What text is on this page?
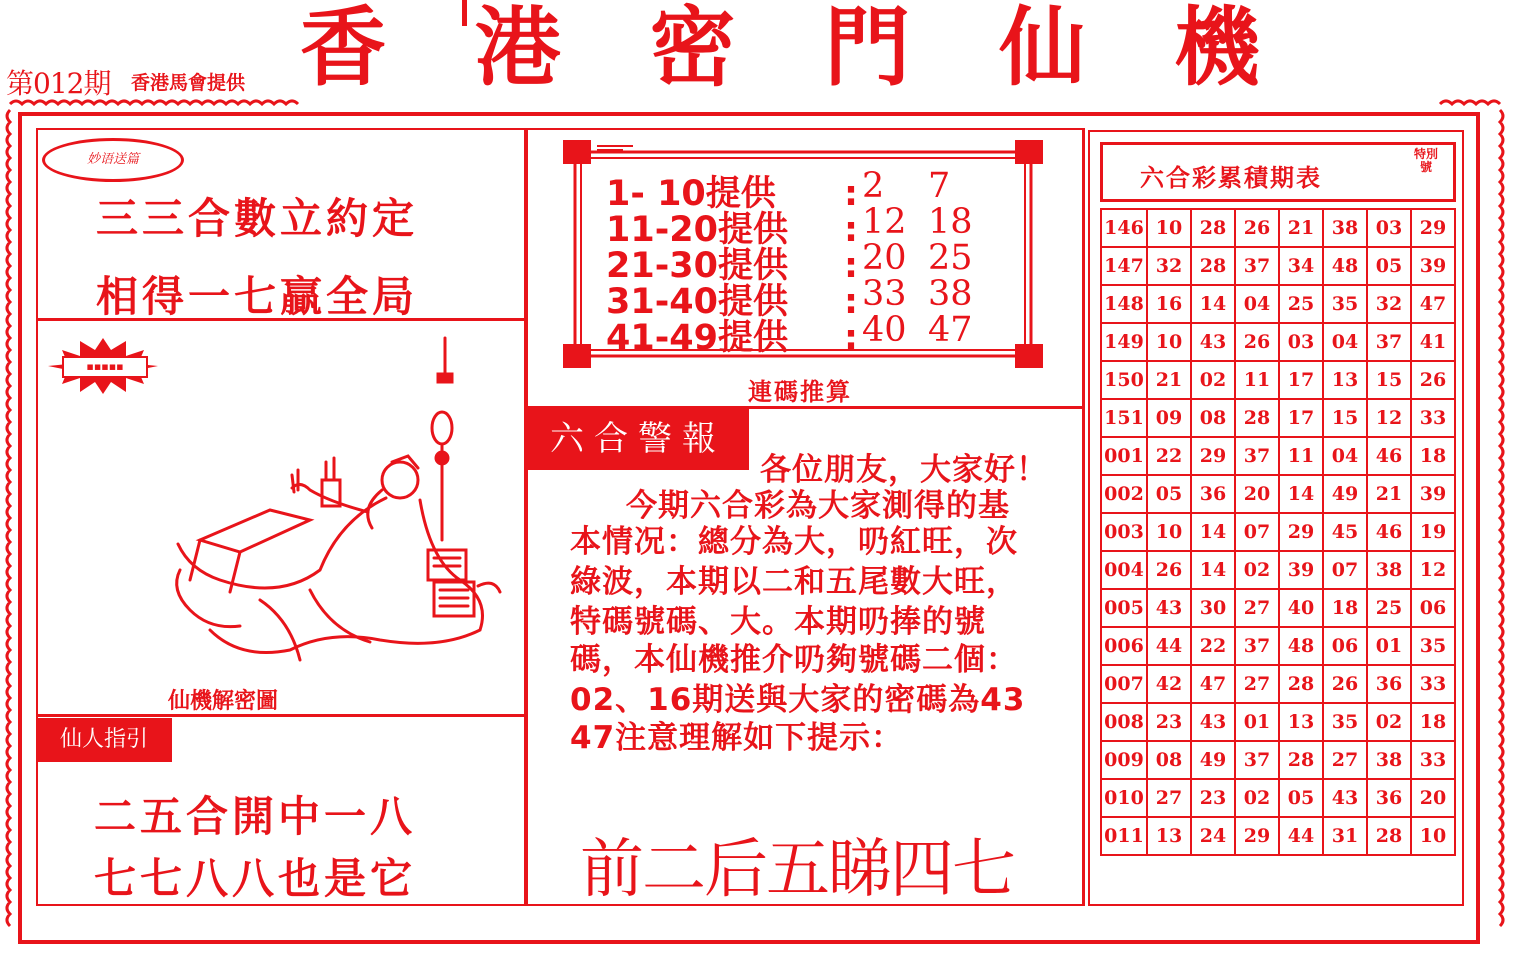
第012期 香港馬會提供 香 港 密 門 仙 機
妙语送篇
三三合數立約定
相得一七贏全局
▪▪▪▪▪
仙機解密圖
仙人指引
二五合開中一八
七七八八也是它
1- 10提供 : 2 7
11-20提供 : 12 18
21-30提供 : 20 25
31-40提供 : 33 38
41-49提供 : 40 47
連碼推算
六合警報
各位朋友，大家好！
今期六合彩為大家測得的基
本情况：總分為大，𠮨紅旺，次
綠波，本期以二和五尾數大旺，
特碼號碼、大。本期𠮨捧的號
碼，本仙機推介𠮨夠號碼二個：
02、16期送與大家的密碼為43
47注意理解如下提示：
前二后五睇四七
六合彩累積期表
特別號
146	10	28	26	21	38	03	29
147	32	28	37	34	48	05	39
148	16	14	04	25	35	32	47
149	10	43	26	03	04	37	41
150	21	02	11	17	13	15	26
151	09	08	28	17	15	12	33
001	22	29	37	11	04	46	18
002	05	36	20	14	49	21	39
003	10	14	07	29	45	46	19
004	26	14	02	39	07	38	12
005	43	30	27	40	18	25	06
006	44	22	37	48	06	01	35
007	42	47	27	28	26	36	33
008	23	43	01	13	35	02	18
009	08	49	37	28	27	38	33
010	27	23	02	05	43	36	20
011	13	24	29	44	31	28	10
